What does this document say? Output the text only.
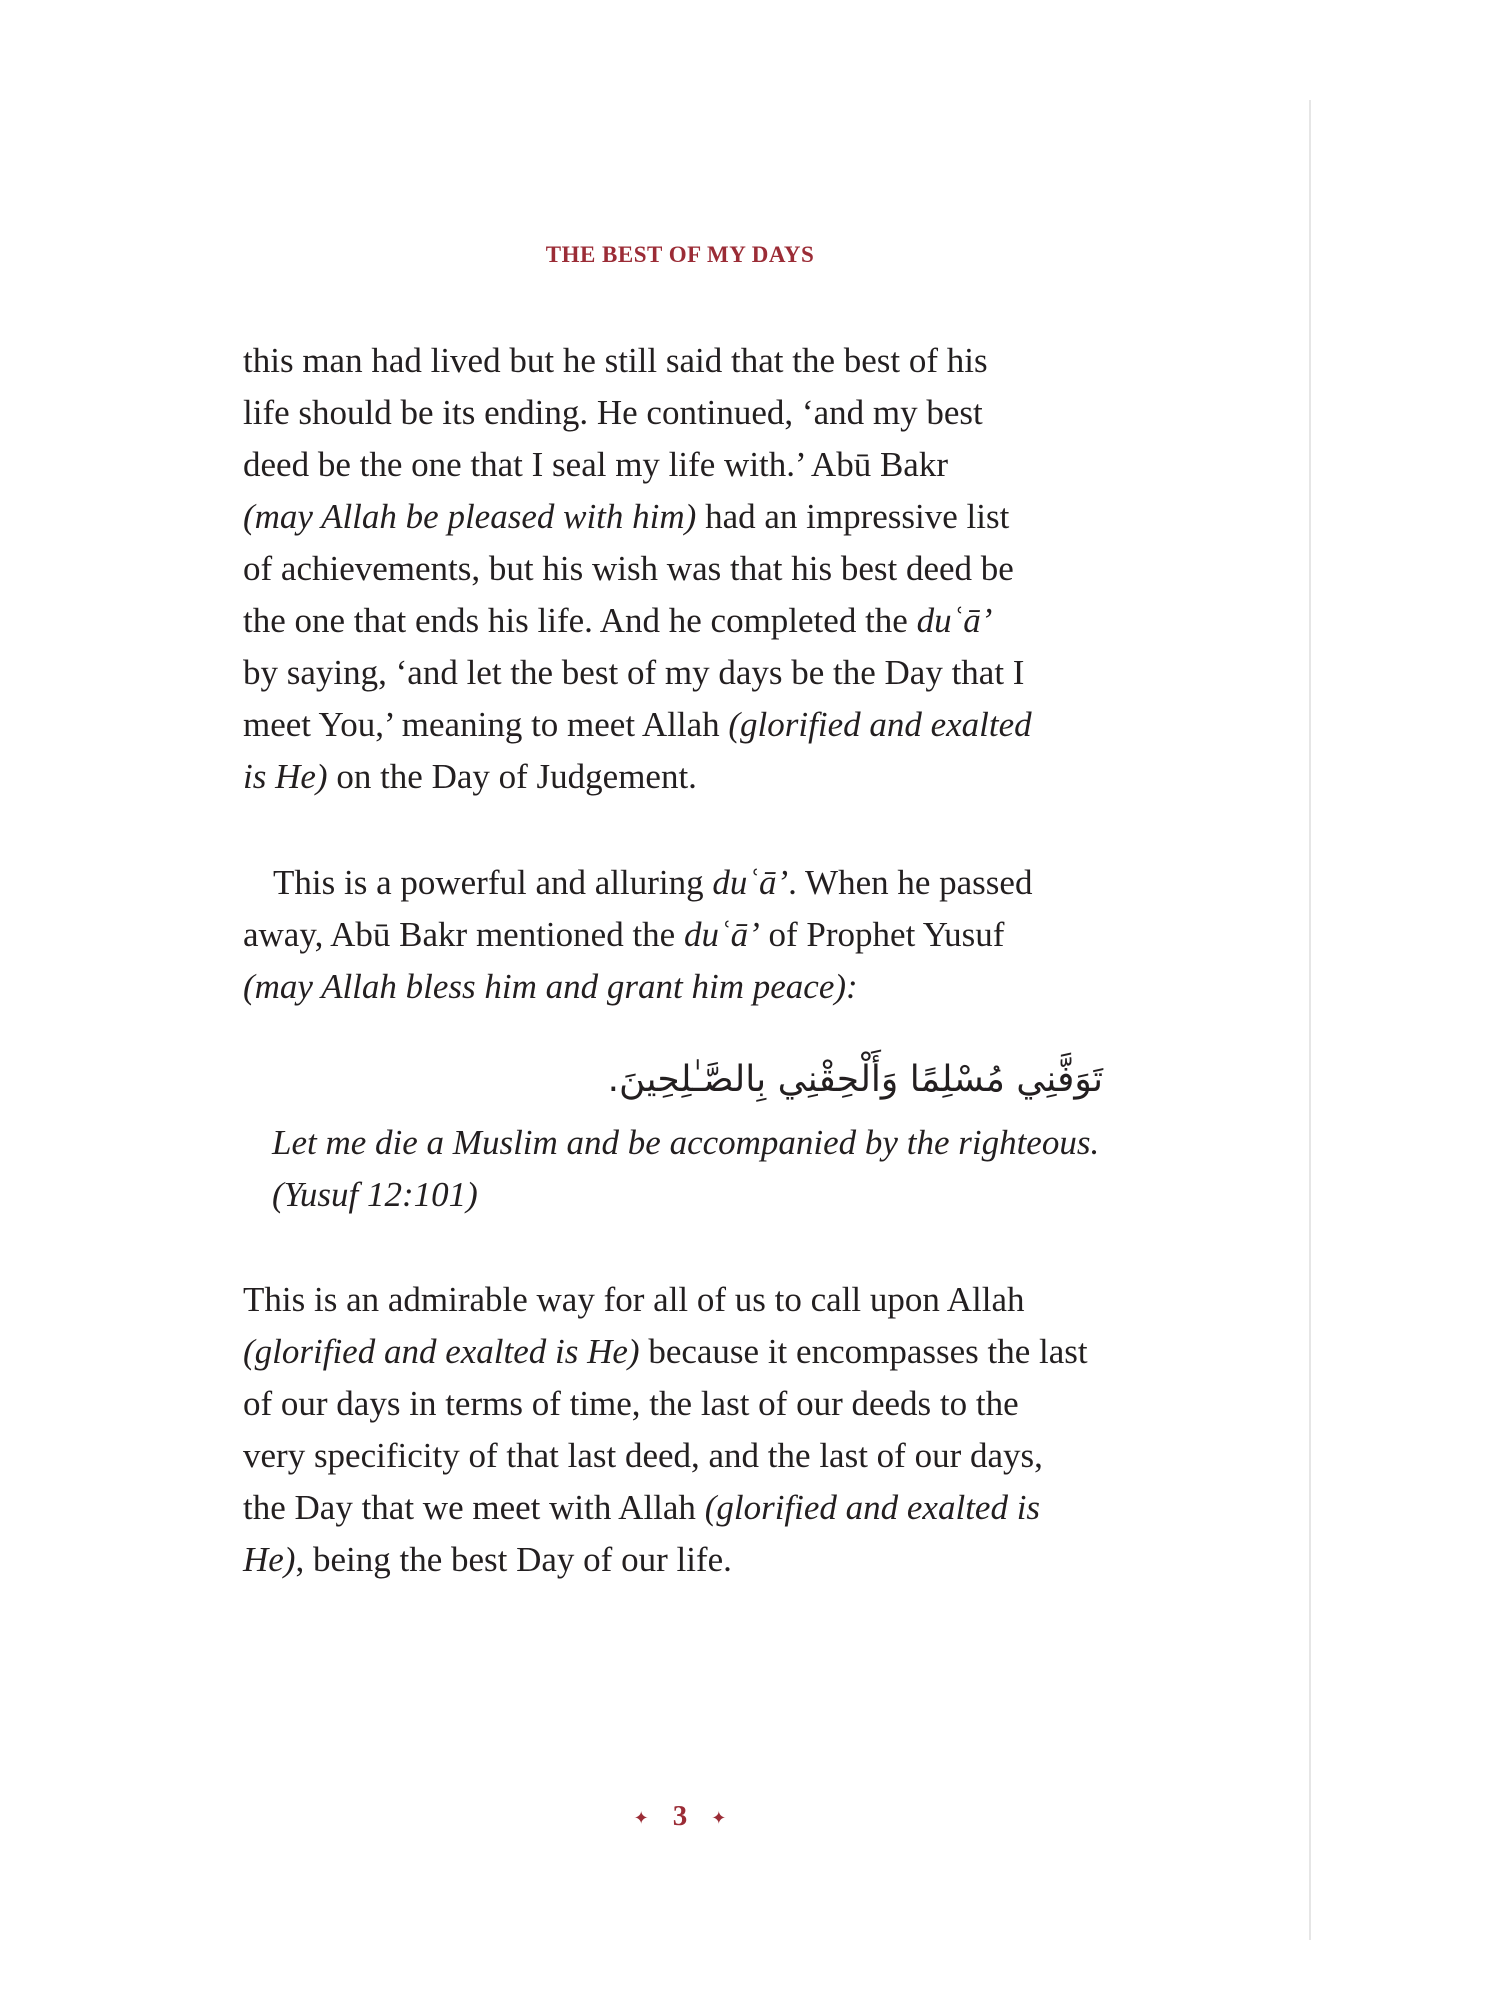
THE BEST OF MY DAYS
this man had lived but he still said that the best of his
life should be its ending. He continued, ‘and my best
deed be the one that I seal my life with.’ Abū Bakr
(may Allah be pleased with him) had an impressive list
of achievements, but his wish was that his best deed be
the one that ends his life. And he completed the duʿā’
by saying, ‘and let the best of my days be the Day that I
meet You,’ meaning to meet Allah (glorified and exalted
is He) on the Day of Judgement.
This is a powerful and alluring duʿā’. When he passed
away, Abū Bakr mentioned the duʿā’ of Prophet Yusuf
(may Allah bless him and grant him peace):
تَوَفَّنِي مُسْلِمًا وَأَلْحِقْنِي بِالصَّـٰلِحِينَ.
Let me die a Muslim and be accompanied by the righteous.
(Yusuf 12:101)
This is an admirable way for all of us to call upon Allah
(glorified and exalted is He) because it encompasses the last
of our days in terms of time, the last of our deeds to the
very specificity of that last deed, and the last of our days,
the Day that we meet with Allah (glorified and exalted is
He), being the best Day of our life.
✦ 3 ✦
